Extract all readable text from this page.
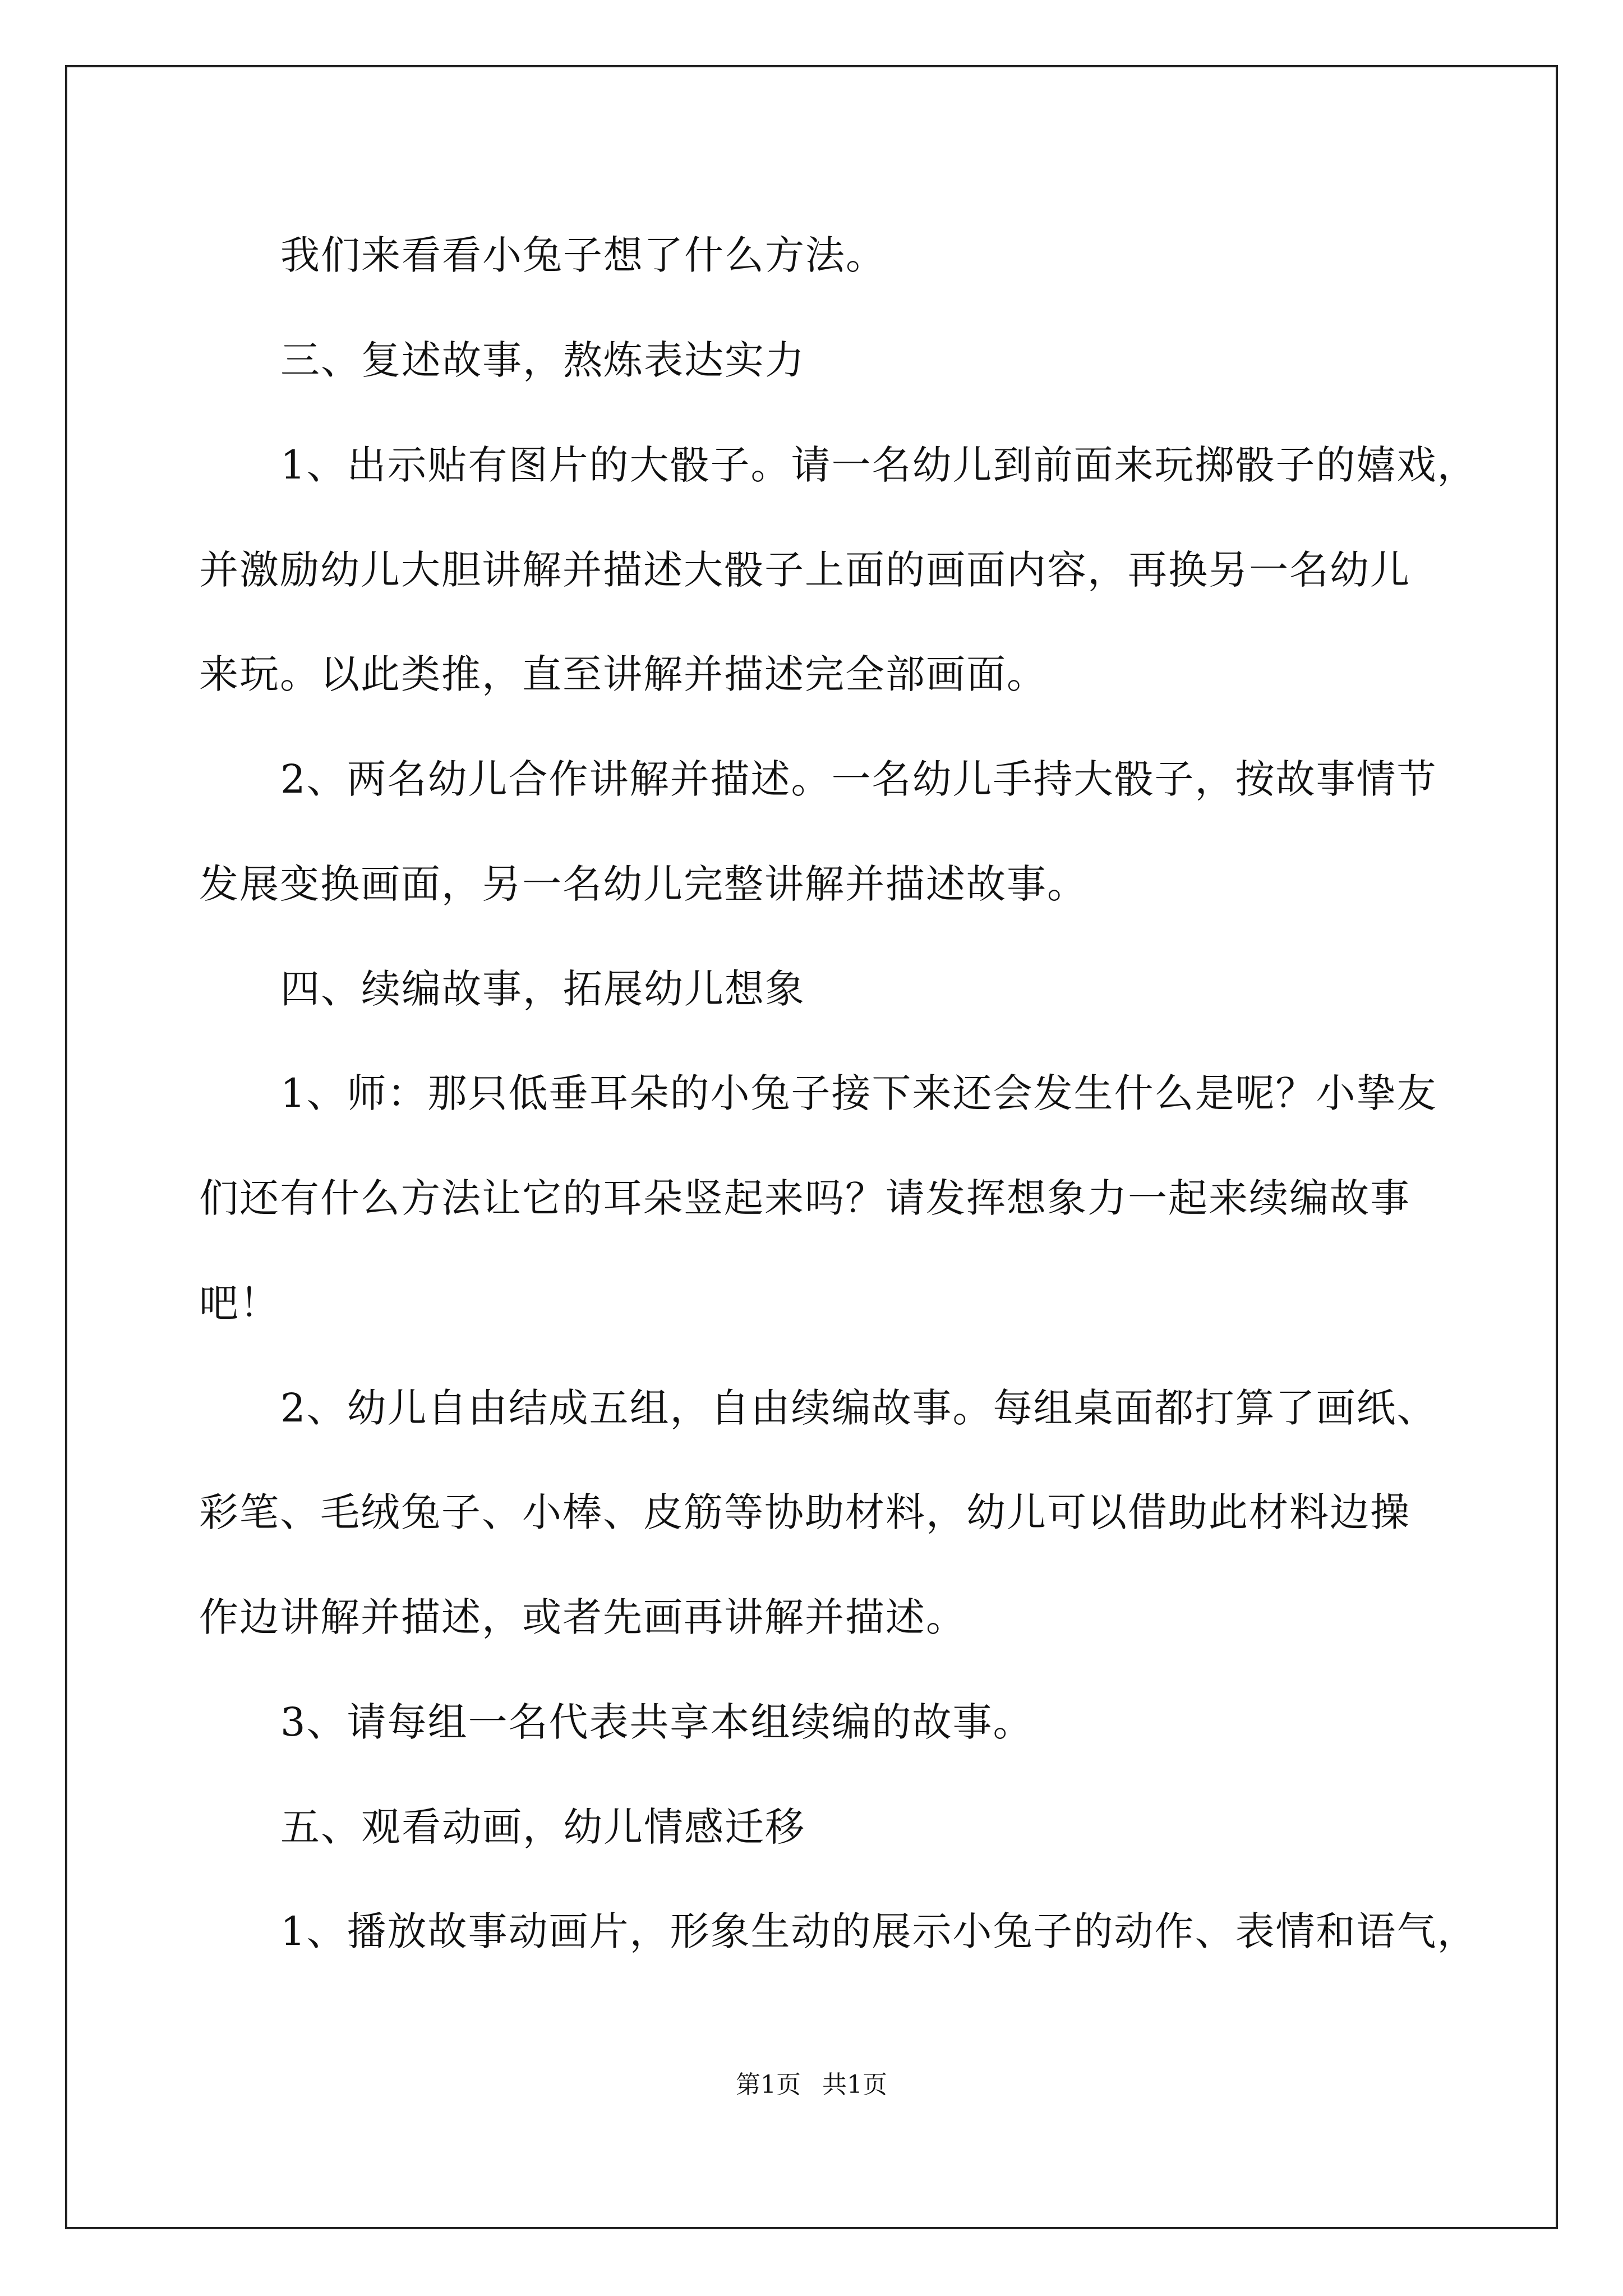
我们来看看小兔子想了什么方法。
三、复述故事，熬炼表达实力
1、出示贴有图片的大骰子。请一名幼儿到前面来玩掷骰子的嬉戏，
并激励幼儿大胆讲解并描述大骰子上面的画面内容，再换另一名幼儿
来玩。以此类推，直至讲解并描述完全部画面。
2、两名幼儿合作讲解并描述。一名幼儿手持大骰子，按故事情节
发展变换画面，另一名幼儿完整讲解并描述故事。
四、续编故事，拓展幼儿想象
1、师：那只低垂耳朵的小兔子接下来还会发生什么是呢？小挚友
们还有什么方法让它的耳朵竖起来吗？请发挥想象力一起来续编故事
吧！
2、幼儿自由结成五组，自由续编故事。每组桌面都打算了画纸、
彩笔、毛绒兔子、小棒、皮筋等协助材料，幼儿可以借助此材料边操
作边讲解并描述，或者先画再讲解并描述。
3、请每组一名代表共享本组续编的故事。
五、观看动画，幼儿情感迁移
1、播放故事动画片，形象生动的展示小兔子的动作、表情和语气，
第1页 共1页
